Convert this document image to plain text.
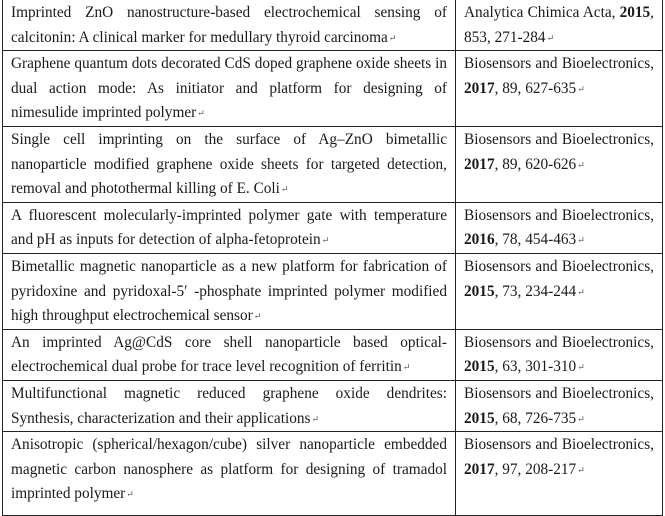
Imprinted ZnO nanostructure-based electrochemical sensing of calcitonin: A clinical marker for medullary thyroid carcinoma↵	Analytica Chimica Acta, 2015, 853, 271-284↵

Graphene quantum dots decorated CdS doped graphene oxide sheets in dual action mode: As initiator and platform for designing of nimesulide imprinted polymer↵	Biosensors and Bioelectronics, 2017, 89, 627-635↵

Single cell imprinting on the surface of Ag–ZnO bimetallic nanoparticle modified graphene oxide sheets for targeted detection, removal and photothermal killing of E. Coli↵	Biosensors and Bioelectronics, 2017, 89, 620-626↵

A fluorescent molecularly-imprinted polymer gate with temperature and pH as inputs for detection of alpha-fetoprotein↵	Biosensors and Bioelectronics, 2016, 78, 454-463↵

Bimetallic magnetic nanoparticle as a new platform for fabrication of pyridoxine and pyridoxal-5′ -phosphate imprinted polymer modified high throughput electrochemical sensor↵	Biosensors and Bioelectronics, 2015, 73, 234-244↵

An imprinted Ag@CdS core shell nanoparticle based optical-electrochemical dual probe for trace level recognition of ferritin↵	Biosensors and Bioelectronics, 2015, 63, 301-310↵

Multifunctional magnetic reduced graphene oxide dendrites: Synthesis, characterization and their applications↵	Biosensors and Bioelectronics, 2015, 68, 726-735↵

Anisotropic (spherical/hexagon/cube) silver nanoparticle embedded magnetic carbon nanosphere as platform for designing of tramadol imprinted polymer↵	Biosensors and Bioelectronics, 2017, 97, 208-217↵
